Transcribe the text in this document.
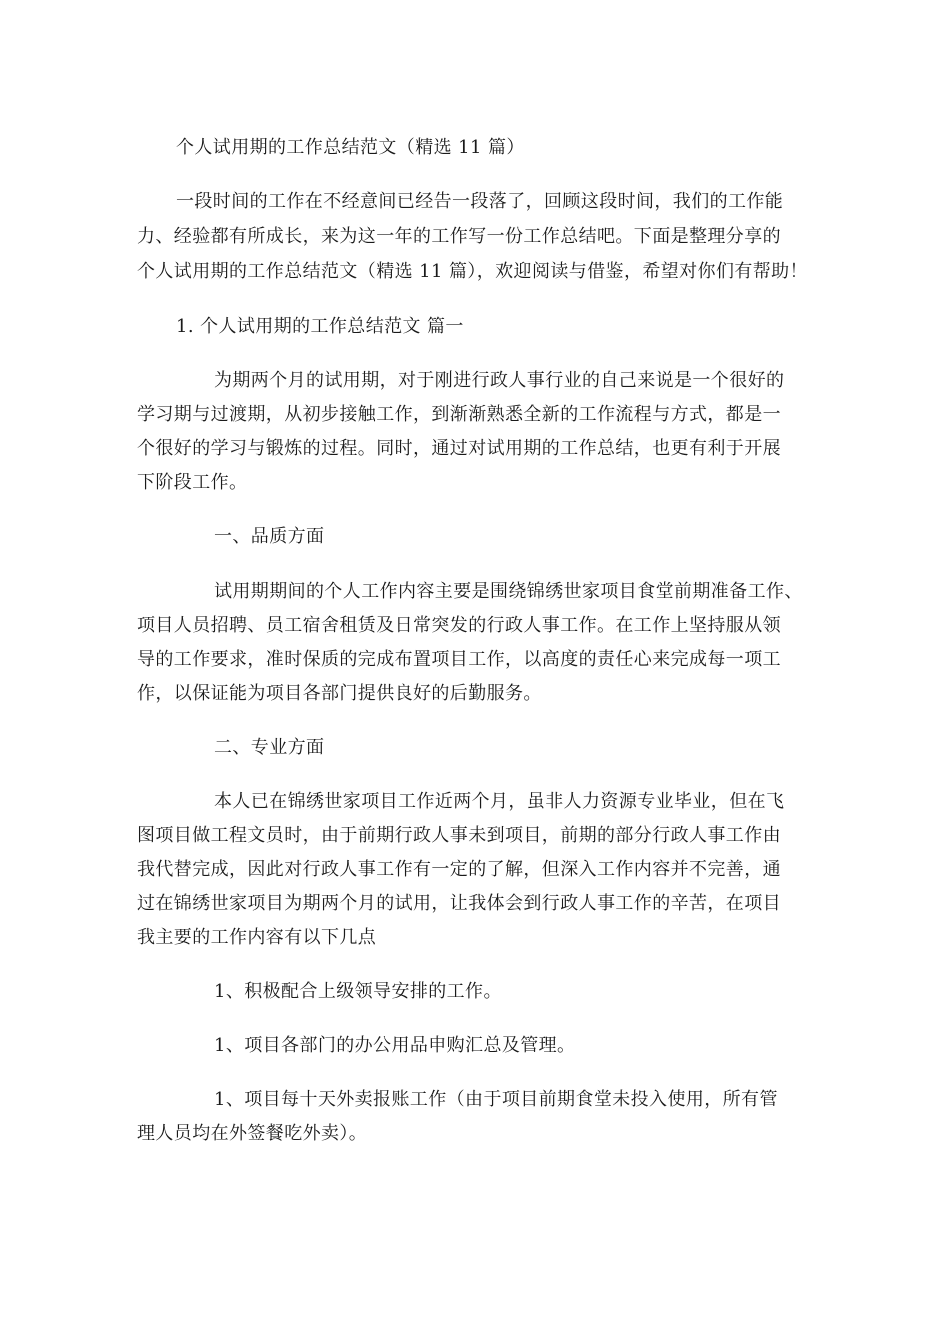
个人试用期的工作总结范文（精选 11 篇）
一段时间的工作在不经意间已经告一段落了，回顾这段时间，我们的工作能
力、经验都有所成长，来为这一年的工作写一份工作总结吧。下面是整理分享的
个人试用期的工作总结范文（精选 11 篇），欢迎阅读与借鉴，希望对你们有帮助！
1. 个人试用期的工作总结范文 篇一
为期两个月的试用期，对于刚进行政人事行业的自己来说是一个很好的
学习期与过渡期，从初步接触工作，到渐渐熟悉全新的工作流程与方式，都是一
个很好的学习与锻炼的过程。同时，通过对试用期的工作总结，也更有利于开展
下阶段工作。
一、品质方面
试用期期间的个人工作内容主要是围绕锦绣世家项目食堂前期准备工作、
项目人员招聘、员工宿舍租赁及日常突发的行政人事工作。在工作上坚持服从领
导的工作要求，准时保质的完成布置项目工作，以高度的责任心来完成每一项工
作，以保证能为项目各部门提供良好的后勤服务。
二、专业方面
本人已在锦绣世家项目工作近两个月，虽非人力资源专业毕业，但在飞
图项目做工程文员时，由于前期行政人事未到项目，前期的部分行政人事工作由
我代替完成，因此对行政人事工作有一定的了解，但深入工作内容并不完善，通
过在锦绣世家项目为期两个月的试用，让我体会到行政人事工作的辛苦，在项目
我主要的工作内容有以下几点
1、积极配合上级领导安排的工作。
1、项目各部门的办公用品申购汇总及管理。
1、项目每十天外卖报账工作（由于项目前期食堂未投入使用，所有管
理人员均在外签餐吃外卖）。
